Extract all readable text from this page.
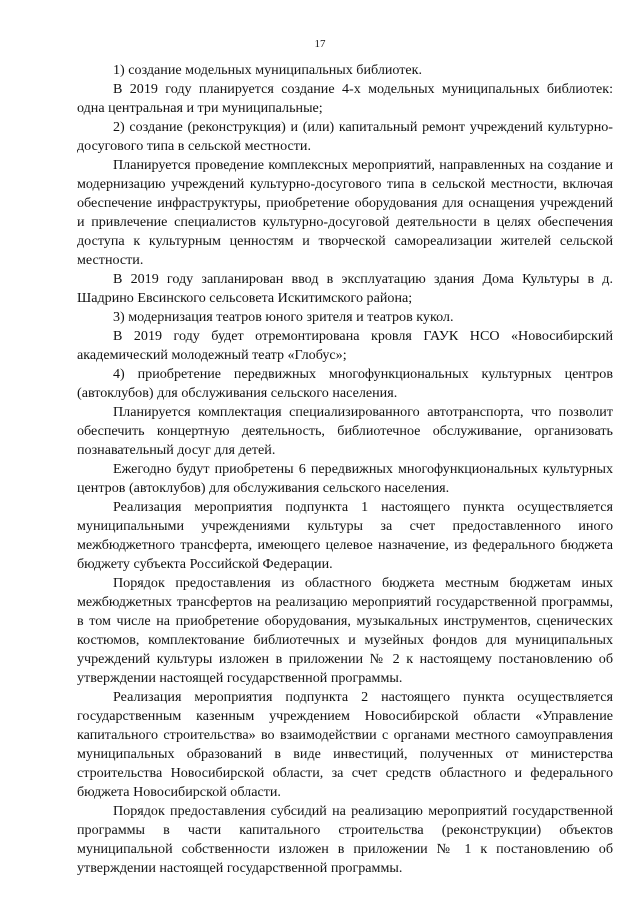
17

1) создание модельных муниципальных библиотек.

В 2019 году планируется создание 4-х модельных муниципальных библиотек: одна центральная и три муниципальные;

2) создание (реконструкция) и (или) капитальный ремонт учреждений культурно-досугового типа в сельской местности.

Планируется проведение комплексных мероприятий, направленных на создание и модернизацию учреждений культурно-досугового типа в сельской местности, включая обеспечение инфраструктуры, приобретение оборудования для оснащения учреждений и привлечение специалистов культурно-досуговой деятельности в целях обеспечения доступа к культурным ценностям и творческой самореализации жителей сельской местности.

В 2019 году запланирован ввод в эксплуатацию здания Дома Культуры в д. Шадрино Евсинского сельсовета Искитимского района;

3) модернизация театров юного зрителя и театров кукол.

В 2019 году будет отремонтирована кровля ГАУК НСО «Новосибирский академический молодежный театр «Глобус»;

4) приобретение передвижных многофункциональных культурных центров (автоклубов) для обслуживания сельского населения.

Планируется комплектация специализированного автотранспорта, что позволит обеспечить концертную деятельность, библиотечное обслуживание, организовать познавательный досуг для детей.

Ежегодно будут приобретены 6 передвижных многофункциональных культурных центров (автоклубов) для обслуживания сельского населения.

Реализация мероприятия подпункта 1 настоящего пункта осуществляется муниципальными учреждениями культуры за счет предоставленного иного межбюджетного трансферта, имеющего целевое назначение, из федерального бюджета бюджету субъекта Российской Федерации.

Порядок предоставления из областного бюджета местным бюджетам иных межбюджетных трансфертов на реализацию мероприятий государственной программы, в том числе на приобретение оборудования, музыкальных инструментов, сценических костюмов, комплектование библиотечных и музейных фондов для муниципальных учреждений культуры изложен в приложении № 2 к настоящему постановлению об утверждении настоящей государственной программы.

Реализация мероприятия подпункта 2 настоящего пункта осуществляется государственным казенным учреждением Новосибирской области «Управление капитального строительства» во взаимодействии с органами местного самоуправления муниципальных образований в виде инвестиций, полученных от министерства строительства Новосибирской области, за счет средств областного и федерального бюджета Новосибирской области.

Порядок предоставления субсидий на реализацию мероприятий государственной программы в части капитального строительства (реконструкции) объектов муниципальной собственности изложен в приложении № 1 к постановлению об утверждении настоящей государственной программы.
